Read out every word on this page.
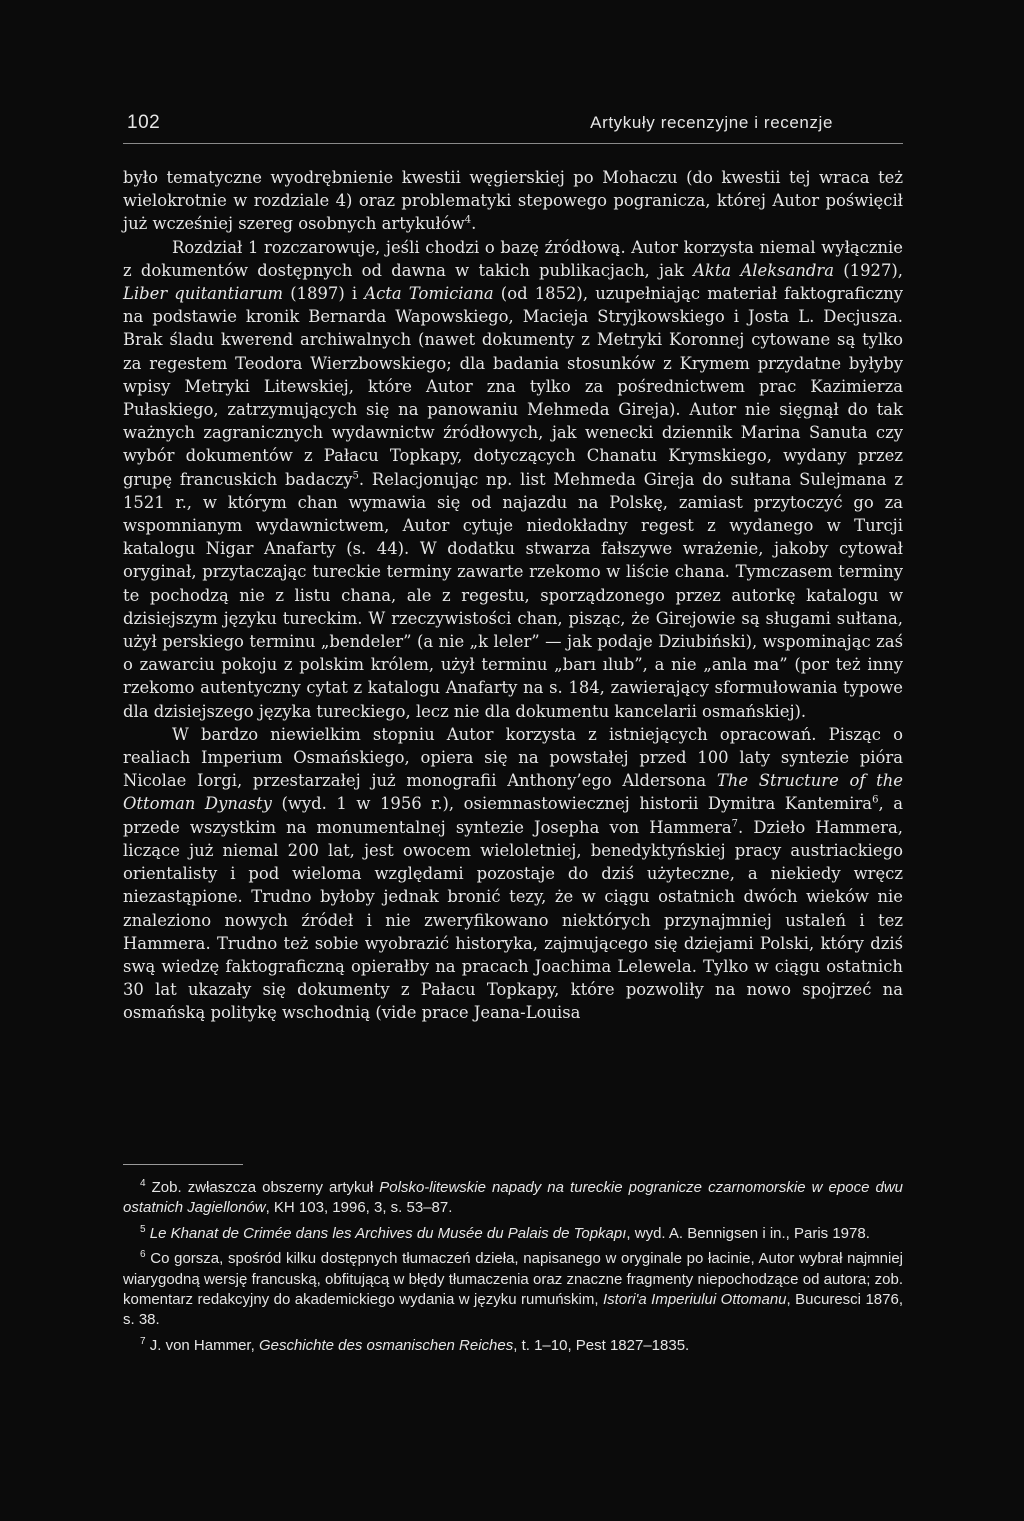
102	Artykuły recenzyjne i recenzje

było tematyczne wyodrębnienie kwestii węgierskiej po Mohaczu (do kwestii tej wraca też wielokrotnie w rozdziale 4) oraz problematyki stepowego pogranicza, której Autor poświęcił już wcześniej szereg osobnych artykułów$^4$.

Rozdział 1 rozczarowuje, jeśli chodzi o bazę źródłową. Autor korzysta niemal wyłącznie z dokumentów dostępnych od dawna w takich publikacjach, jak Akta Aleksandra (1927), Liber quitantiarum (1897) i Acta Tomiciana (od 1852), uzupełniając materiał faktograficzny na podstawie kronik Bernarda Wapowskiego, Macieja Stryjkowskiego i Josta L. Decjusza. Brak śladu kwerend archiwalnych (nawet dokumenty z Metryki Koronnej cytowane są tylko za regestem Teodora Wierzbowskiego; dla badania stosunków z Krymem przydatne byłyby wpisy Metryki Litewskiej, które Autor zna tylko za pośrednictwem prac Kazimierza Pułaskiego, zatrzymujących się na panowaniu Mehmeda Gireja). Autor nie sięgnął do tak ważnych zagranicznych wydawnictw źródłowych, jak wenecki dziennik Marina Sanuta czy wybór dokumentów z Pałacu Topkapy, dotyczących Chanatu Krymskiego, wydany przez grupę francuskich badaczy$^5$. Relacjonując np. list Mehmeda Gireja do sułtana Sulejmana z 1521 r., w którym chan wymawia się od najazdu na Polskę, zamiast przytoczyć go za wspomnianym wydawnictwem, Autor cytuje niedokładny regest z wydanego w Turcji katalogu Nigar Anafarty (s. 44). W dodatku stwarza fałszywe wrażenie, jakoby cytował oryginał, przytaczając tureckie terminy zawarte rzekomo w liście chana. Tymczasem terminy te pochodzą nie z listu chana, ale z regestu, sporządzonego przez autorkę katalogu w dzisiejszym języku tureckim. W rzeczywistości chan, pisząc, że Girejowie są sługami sułtana, użył perskiego terminu „bendeler” (a nie „k leler” — jak podaje Dziubiński), wspominając zaś o zawarciu pokoju z polskim królem, użył terminu „barı ılub”, a nie „anla ma” (por też inny rzekomo autentyczny cytat z katalogu Anafarty na s. 184, zawierający sformułowania typowe dla dzisiejszego języka tureckiego, lecz nie dla dokumentu kancelarii osmańskiej).

W bardzo niewielkim stopniu Autor korzysta z istniejących opracowań. Pisząc o realiach Imperium Osmańskiego, opiera się na powstałej przed 100 laty syntezie pióra Nicolae Iorgi, przestarzałej już monografii Anthony’ego Aldersona The Structure of the Ottoman Dynasty (wyd. 1 w 1956 r.), osiemnastowiecznej historii Dymitra Kantemira$^6$, a przede wszystkim na monumentalnej syntezie Josepha von Hammera$^7$. Dzieło Hammera, liczące już niemal 200 lat, jest owocem wieloletniej, benedyktyńskiej pracy austriackiego orientalisty i pod wieloma względami pozostaje do dziś użyteczne, a niekiedy wręcz niezastąpione. Trudno byłoby jednak bronić tezy, że w ciągu ostatnich dwóch wieków nie znaleziono nowych źródeł i nie zweryfikowano niektórych przynajmniej ustaleń i tez Hammera. Trudno też sobie wyobrazić historyka, zajmującego się dziejami Polski, który dziś swą wiedzę faktograficzną opierałby na pracach Joachima Lelewela. Tylko w ciągu ostatnich 30 lat ukazały się dokumenty z Pałacu Topkapy, które pozwoliły na nowo spojrzeć na osmańską politykę wschodnią (vide prace Jeana-Louisa

$^4$ Zob. zwłaszcza obszerny artykuł Polsko-litewskie napady na tureckie pogranicze czarnomorskie w epoce dwu ostatnich Jagiellonów, KH 103, 1996, 3, s. 53–87.

$^5$ Le Khanat de Crimée dans les Archives du Musée du Palais de Topkapı, wyd. A. Bennigsen i in., Paris 1978.

$^6$ Co gorsza, spośród kilku dostępnych tłumaczeń dzieła, napisanego w oryginale po łacinie, Autor wybrał najmniej wiarygodną wersję francuską, obfitującą w błędy tłumaczenia oraz znaczne fragmenty niepochodzące od autora; zob. komentarz redakcyjny do akademickiego wydania w języku rumuńskim, Istori'a Imperiului Ottomanu, Bucuresci 1876, s. 38.

$^7$ J. von Hammer, Geschichte des osmanischen Reiches, t. 1–10, Pest 1827–1835.
